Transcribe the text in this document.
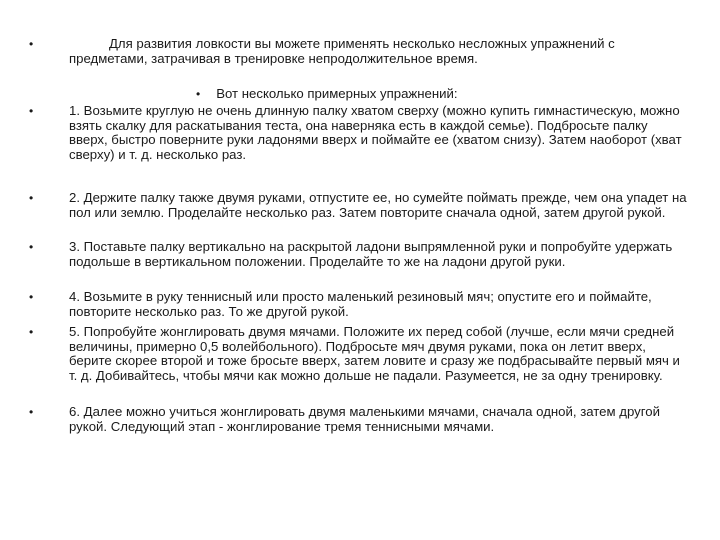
•	Для развития ловкости вы можете применять несколько несложных упражнений с предметами, затрачивая в тренировке непродолжительное время.
• Вот несколько примерных упражнений:
•	1. Возьмите круглую не очень длинную палку хватом сверху (можно купить гимнастическую, можно взять скалку для раскатывания теста, она наверняка есть в каждой семье). Подбросьте палку вверх, быстро поверните руки ладонями вверх и поймайте ее (хватом снизу). Затем наоборот (хват сверху) и т. д. несколько раз.
•	2. Держите палку также двумя руками, отпустите ее, но сумейте поймать прежде, чем она упадет на пол или землю. Проделайте несколько раз. Затем повторите сначала одной, затем другой рукой.
•	3. Поставьте палку вертикально на раскрытой ладони выпрямленной руки и попробуйте удержать подольше в вертикальном положении. Проделайте то же на ладони другой руки.
•	4. Возьмите в руку теннисный или просто маленький резиновый мяч; опустите его и поймайте, повторите несколько раз. То же другой рукой.
•	5. Попробуйте жонглировать двумя мячами. Положите их перед собой (лучше, если мячи средней величины, примерно 0,5 волейбольного). Подбросьте мяч двумя руками, пока он летит вверх, берите скорее второй и тоже бросьте вверх, затем ловите и сразу же подбрасывайте первый мяч и т. д. Добивайтесь, чтобы мячи как можно дольше не падали. Разумеется, не за одну тренировку.
•	6. Далее можно учиться жонглировать двумя маленькими мячами, сначала одной, затем другой рукой. Следующий этап - жонглирование тремя теннисными мячами.
